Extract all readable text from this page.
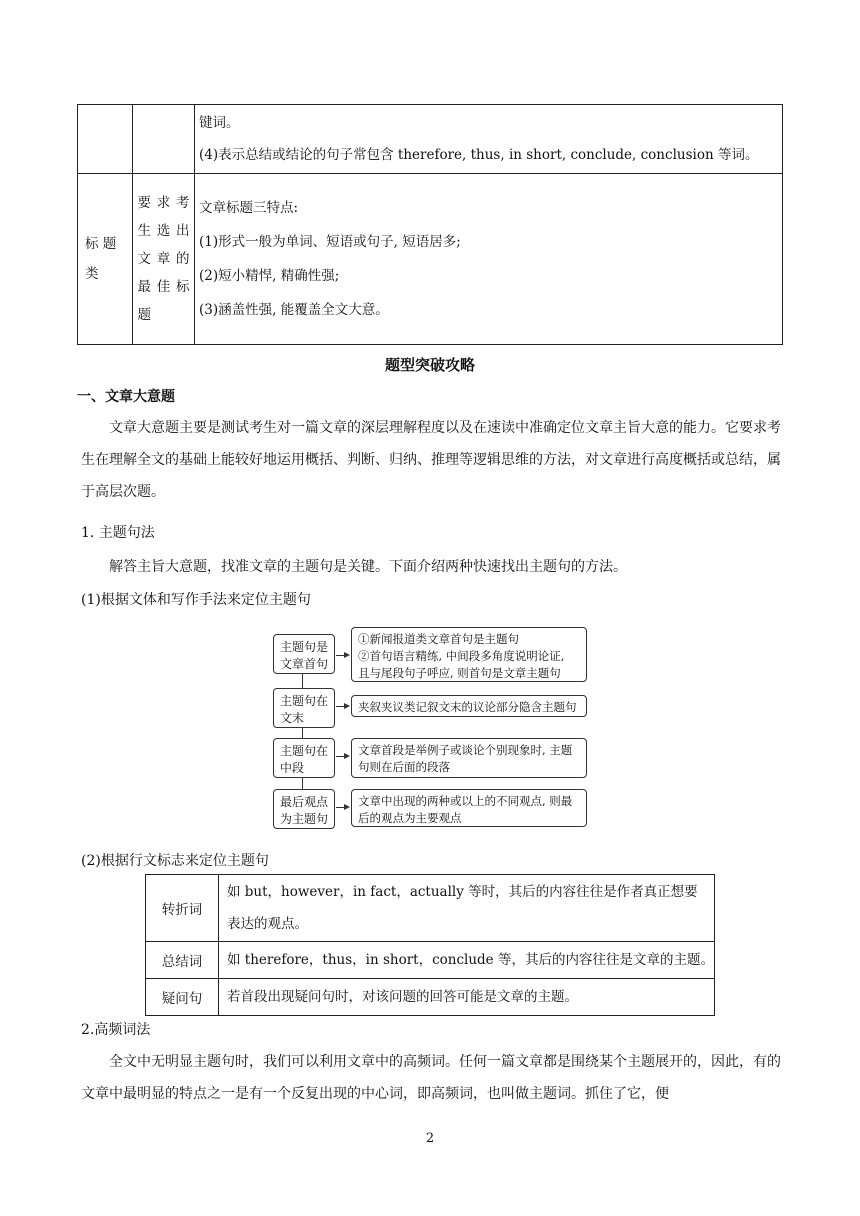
		键词。
(4)表示总结或结论的句子常包含 therefore, thus, in short, conclude, conclusion 等词。

标 题 类	要求考生选出文章的最佳标题	文章标题三特点:
(1)形式一般为单词、短语或句子, 短语居多;
(2)短小精悍, 精确性强;
(3)涵盖性强, 能覆盖全文大意。
题型突破攻略
一、文章大意题
文章大意题主要是测试考生对一篇文章的深层理解程度以及在速读中准确定位文章主旨大意的能力。它要求考生在理解全文的基础上能较好地运用概括、判断、归纳、推理等逻辑思维的方法，对文章进行高度概括或总结，属于高层次题。
1. 主题句法
解答主旨大意题，找准文章的主题句是关键。下面介绍两种快速找出主题句的方法。
(1)根据文体和写作手法来定位主题句
主题句是文章首句
①新闻报道类文章首句是主题句
②首句语言精练, 中间段多角度说明论证,
且与尾段句子呼应, 则首句是文章主题句
主题句在文末
夹叙夹议类记叙文末的议论部分隐含主题句
主题句在中段
文章首段是举例子或谈论个别现象时, 主题
句则在后面的段落
最后观点为主题句
文章中出现的两种或以上的不同观点, 则最
后的观点为主要观点
(2)根据行文标志来定位主题句
转折词	如 but，however，in fact，actually 等时，其后的内容往往是作者真正想要
表达的观点。

总结词	如 therefore，thus，in short，conclude 等，其后的内容往往是文章的主题。

疑问句	若首段出现疑问句时，对该问题的回答可能是文章的主题。
2.高频词法
全文中无明显主题句时，我们可以利用文章中的高频词。任何一篇文章都是围绕某个主题展开的，因此，有的文章中最明显的特点之一是有一个反复出现的中心词，即高频词，也叫做主题词。抓住了它，便
2
